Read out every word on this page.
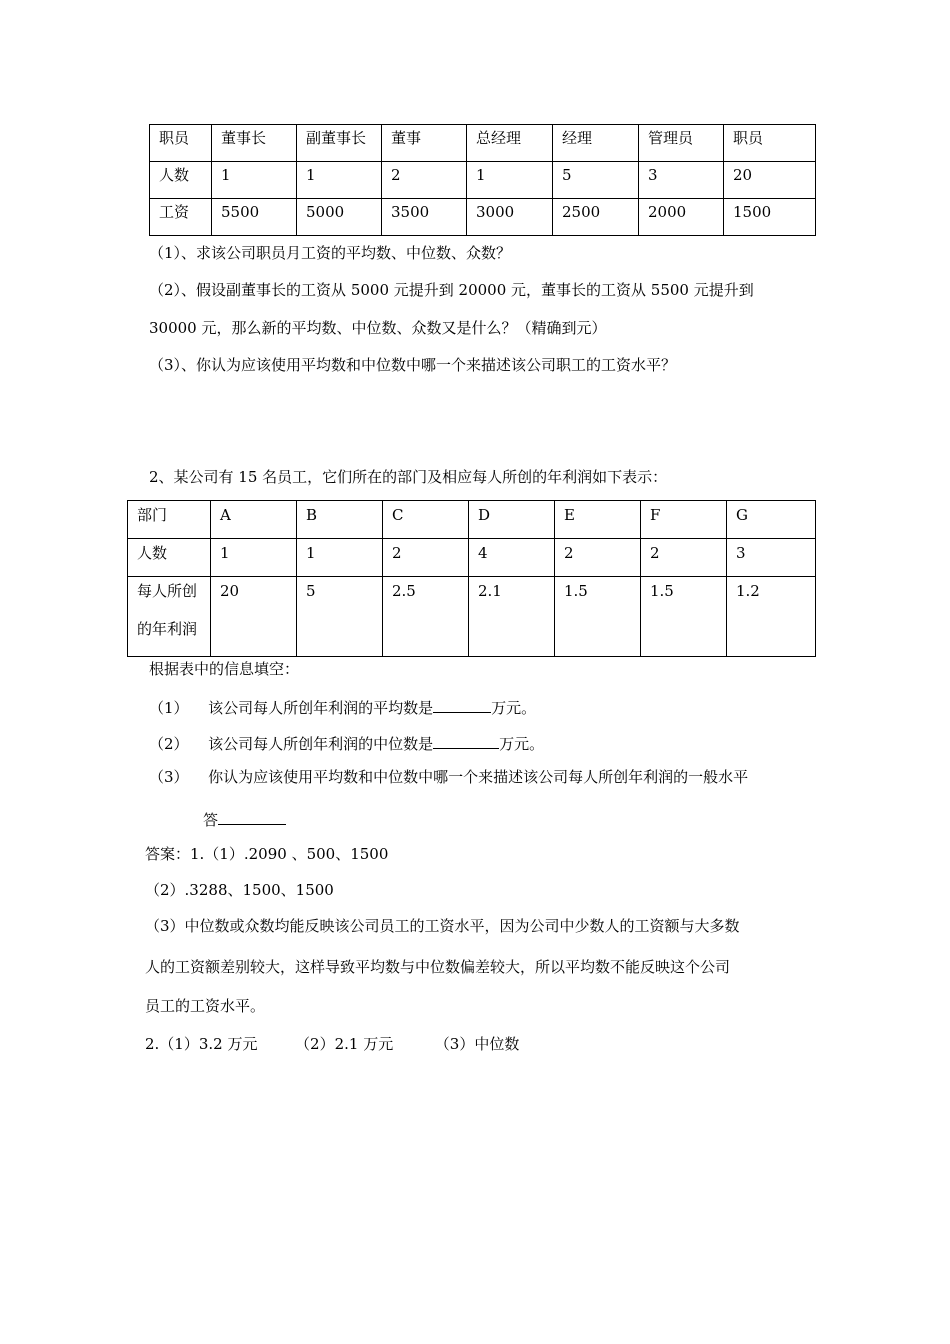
职员	董事长	副董事长	董事	总经理	经理	管理员	职员
人数	1	1	2	1	5	3	20
工资	5500	5000	3500	3000	2500	2000	1500
（1）、求该公司职员月工资的平均数、中位数、众数？
（2）、假设副董事长的工资从 5000 元提升到 20000 元，董事长的工资从 5500 元提升到
30000 元，那么新的平均数、中位数、众数又是什么？（精确到元）
（3）、你认为应该使用平均数和中位数中哪一个来描述该公司职工的工资水平？
2、某公司有 15 名员工，它们所在的部门及相应每人所创的年利润如下表示：
部门	A	B	C	D	E	F	G
人数	1	1	2	4	2	2	3

每人所创
的年利润	20	5	2.5	2.1	1.5	1.5	1.2
根据表中的信息填空：
（1） 该公司每人所创年利润的平均数是	万元。
（2） 该公司每人所创年利润的中位数是	万元。
（3） 你认为应该使用平均数和中位数中哪一个来描述该公司每人所创年利润的一般水平
答
答案：1.（1）.2090 、500、1500
（2）.3288、1500、1500
（3）中位数或众数均能反映该公司员工的工资水平，因为公司中少数人的工资额与大多数
人的工资额差别较大，这样导致平均数与中位数偏差较大，所以平均数不能反映这个公司
员工的工资水平。
2.（1）3.2 万元	（2）2.1 万元	（3）中位数
